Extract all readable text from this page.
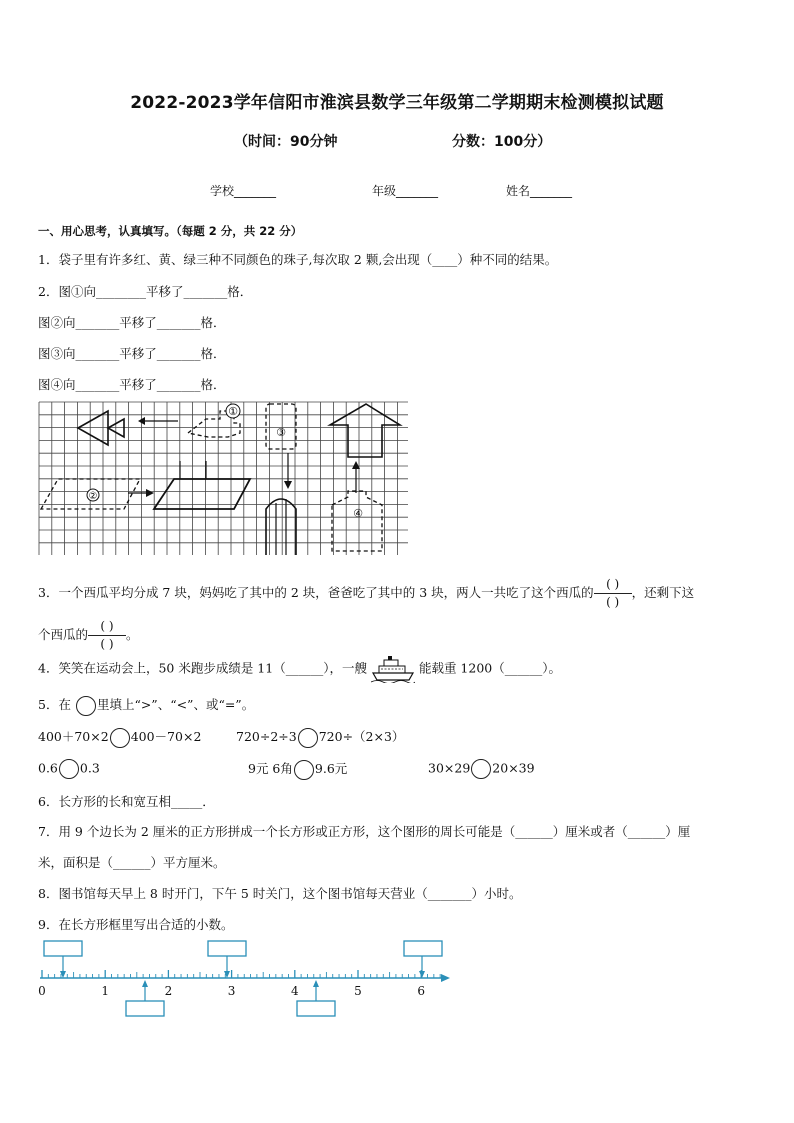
2022-2023学年信阳市淮滨县数学三年级第二学期期末检测模拟试题
（时间：90分钟	分数：100分）
学校_______	年级_______	姓名_______
一、用心思考，认真填写。（每题 2 分，共 22 分）
1．袋子里有许多红、黄、绿三种不同颜色的珠子,每次取 2 颗,会出现（____）种不同的结果。
2．图①向________平移了_______格．
图②向_______平移了_______格．
图③向_______平移了_______格．
图④向_______平移了_______格．
①
③
④
②
3．一个西瓜平均分成 7 块，妈妈吃了其中的 2 块，爸爸吃了其中的 3 块，两人一共吃了这个西瓜的$\frac{( )}{( )}$，还剩下这
个西瓜的$\frac{( )}{( )}$。
4．笑笑在运动会上，50 米跑步成绩是 11（______），一艘	能载重 1200（______）。
5．在 里填上“>”、“<”、或“=”。
400＋70×2 400－70×2	720÷2÷3 720÷（2×3）
0.6 0.3	9元 6角 9.6元	30×29 20×39
6．长方形的长和宽互相_____．
7．用 9 个边长为 2 厘米的正方形拼成一个长方形或正方形，这个图形的周长可能是（______）厘米或者（______）厘
米，面积是（______）平方厘米。
8．图书馆每天早上 8 时开门，下午 5 时关门，这个图书馆每天营业（_______）小时。
9．在长方形框里写出合适的小数。
0	1	2	3	4	5	6
